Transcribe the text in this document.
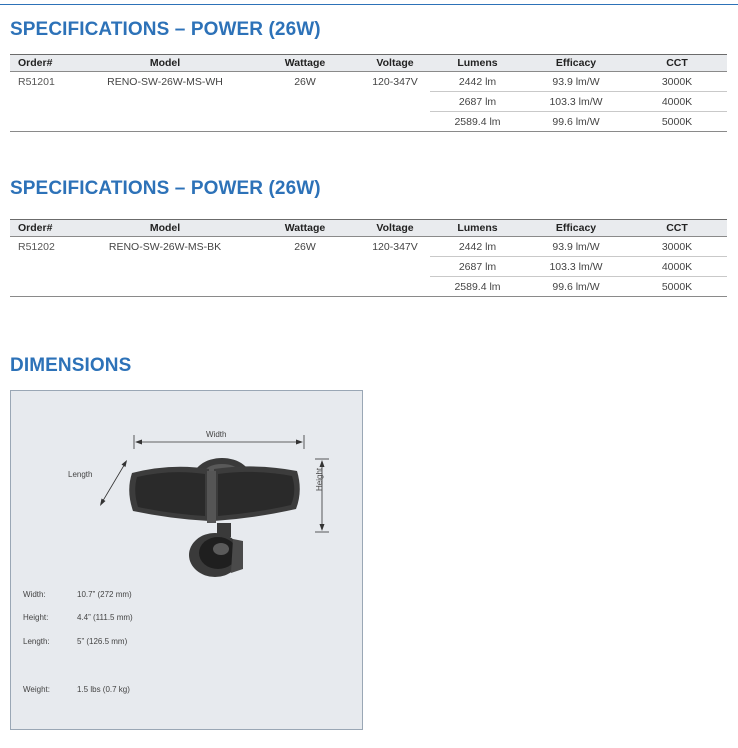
SPECIFICATIONS – POWER (26W)
Order#	Model	Wattage	Voltage	Lumens	Efficacy	CCT
R51201	RENO-SW-26W-MS-WH	26W	120-347V	2442 lm	93.9 lm/W	3000K
				2687 lm	103.3 lm/W	4000K
				2589.4 lm	99.6 lm/W	5000K
SPECIFICATIONS – POWER (26W)
Order#	Model	Wattage	Voltage	Lumens	Efficacy	CCT
R51202	RENO-SW-26W-MS-BK	26W	120-347V	2442 lm	93.9 lm/W	3000K
				2687 lm	103.3 lm/W	4000K
				2589.4 lm	99.6 lm/W	5000K
DIMENSIONS
Width
Length	Height
Width:	10.7” (272 mm)
Height:	4.4” (111.5 mm)
Length:	5” (126.5 mm)
Weight:	1.5 lbs (0.7 kg)
